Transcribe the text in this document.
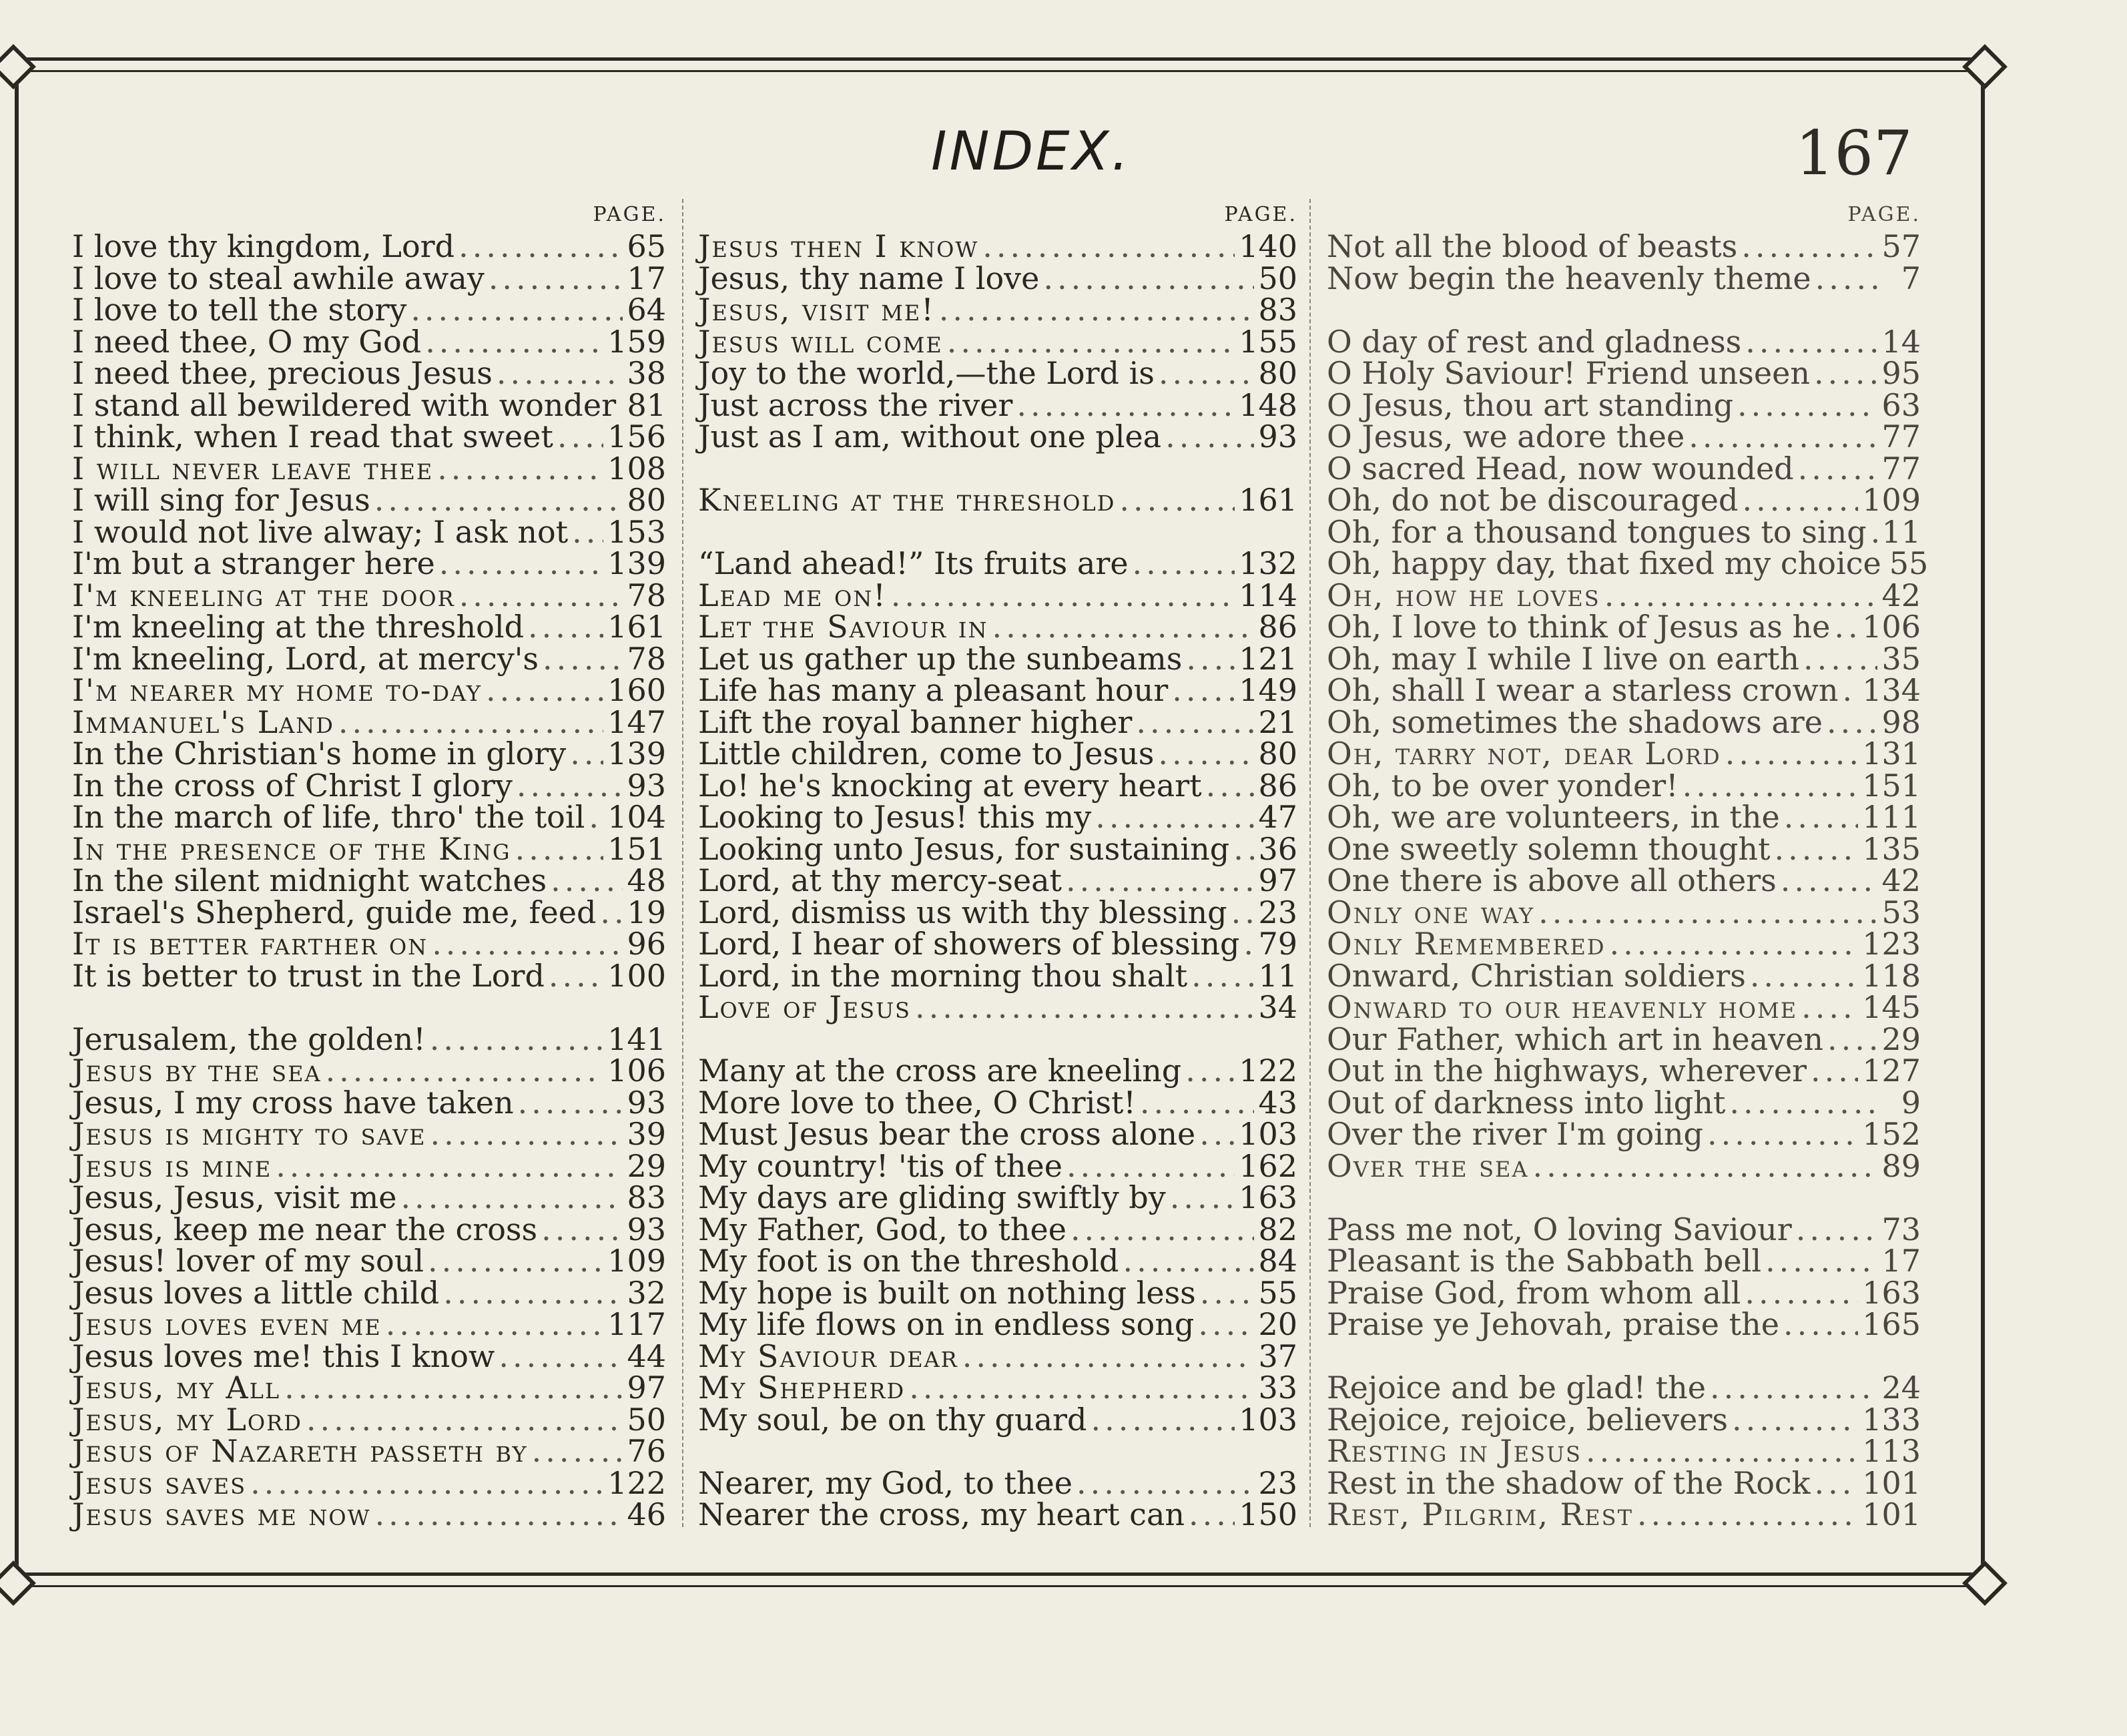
INDEX.	167
PAGE.
I love thy kingdom, Lord .....	65
I love to steal awhile away .....	17
I love to tell the story .....	64
I need thee, O my God .....	159
I need thee, precious Jesus .....	38
I stand all bewildered with wonder ..... 81
I think, when I read that sweet ..... 156
I will never leave thee .....	108
I will sing for Jesus .....	80
I would not live alway; I ask not ..... 153
I'm but a stranger here .....	139
I'm kneeling at the door .....	78
I'm kneeling at the threshold .....	161
I'm kneeling, Lord, at mercy's .....	78
I'm nearer my home to-day .....	160
Immanuel's Land .....	147
In the Christian's home in glory ..... 139
In the cross of Christ I glory .....	93
In the march of life, thro' the toil ..... 104
In the presence of the King .....	151
In the silent midnight watches .....	48
Israel's Shepherd, guide me, feed ..... 19
It is better farther on .....	96
It is better to trust in the Lord ..... 100
Jerusalem, the golden! .....	141
Jesus by the sea .....	106
Jesus, I my cross have taken .....	93
Jesus is mighty to save .....	39
Jesus is mine .....	29
Jesus, Jesus, visit me .....	83
Jesus, keep me near the cross .....	93
Jesus! lover of my soul .....	109
Jesus loves a little child .....	32
Jesus loves even me .....	117
Jesus loves me! this I know .....	44
Jesus, my All .....	97
Jesus, my Lord .....	50
Jesus of Nazareth passeth by .....	76
Jesus saves .....	122
Jesus saves me now .....	46
PAGE.
Jesus then I know .....	140
Jesus, thy name I love .....	50
Jesus, visit me! .....	83
Jesus will come .....	155
Joy to the world,—the Lord is .....	80
Just across the river .....	148
Just as I am, without one plea .....	93
Kneeling at the threshold .....	161
“Land ahead!” Its fruits are .....	132
Lead me on! .....	114
Let the Saviour in .....	86
Let us gather up the sunbeams ..... 121
Life has many a pleasant hour ..... 149
Lift the royal banner higher .....	21
Little children, come to Jesus .....	80
Lo! he's knocking at every heart ..... 86
Looking to Jesus! this my .....	47
Looking unto Jesus, for sustaining ..... 36
Lord, at thy mercy-seat .....	97
Lord, dismiss us with thy blessing ..... 23
Lord, I hear of showers of blessing ..... 79
Lord, in the morning thou shalt ..... 11
Love of Jesus .....	34
Many at the cross are kneeling ..... 122
More love to thee, O Christ! .....	43
Must Jesus bear the cross alone ..... 103
My country! 'tis of thee .....	162
My days are gliding swiftly by ..... 163
My Father, God, to thee .....	82
My foot is on the threshold .....	84
My hope is built on nothing less ..... 55
My life flows on in endless song ..... 20
My Saviour dear .....	37
My Shepherd .....	33
My soul, be on thy guard .....	103
Nearer, my God, to thee .....	23
Nearer the cross, my heart can ..... 150
PAGE.
Not all the blood of beasts .....	57
Now begin the heavenly theme .....	7
O day of rest and gladness .....	14
O Holy Saviour! Friend unseen ..... 95
O Jesus, thou art standing .....	63
O Jesus, we adore thee .....	77
O sacred Head, now wounded .....	77
Oh, do not be discouraged .....	109
Oh, for a thousand tongues to sing ..... 11
Oh, happy day, that fixed my choice 55
Oh, how he loves .....	42
Oh, I love to think of Jesus as he ..... 106
Oh, may I while I live on earth .....	35
Oh, shall I wear a starless crown ..... 134
Oh, sometimes the shadows are ..... 98
Oh, tarry not, dear Lord .....	131
Oh, to be over yonder! .....	151
Oh, we are volunteers, in the .....	111
One sweetly solemn thought .....	135
One there is above all others .....	42
Only one way .....	53
Only Remembered .....	123
Onward, Christian soldiers .....	118
Onward to our heavenly home ..... 145
Our Father, which art in heaven ..... 29
Out in the highways, wherever ..... 127
Out of darkness into light .....	9
Over the river I'm going .....	152
Over the sea .....	89
Pass me not, O loving Saviour .....	73
Pleasant is the Sabbath bell .....	17
Praise God, from whom all .....	163
Praise ye Jehovah, praise the .....	165
Rejoice and be glad! the .....	24
Rejoice, rejoice, believers .....	133
Resting in Jesus .....	113
Rest in the shadow of the Rock ..... 101
Rest, Pilgrim, Rest .....	101
